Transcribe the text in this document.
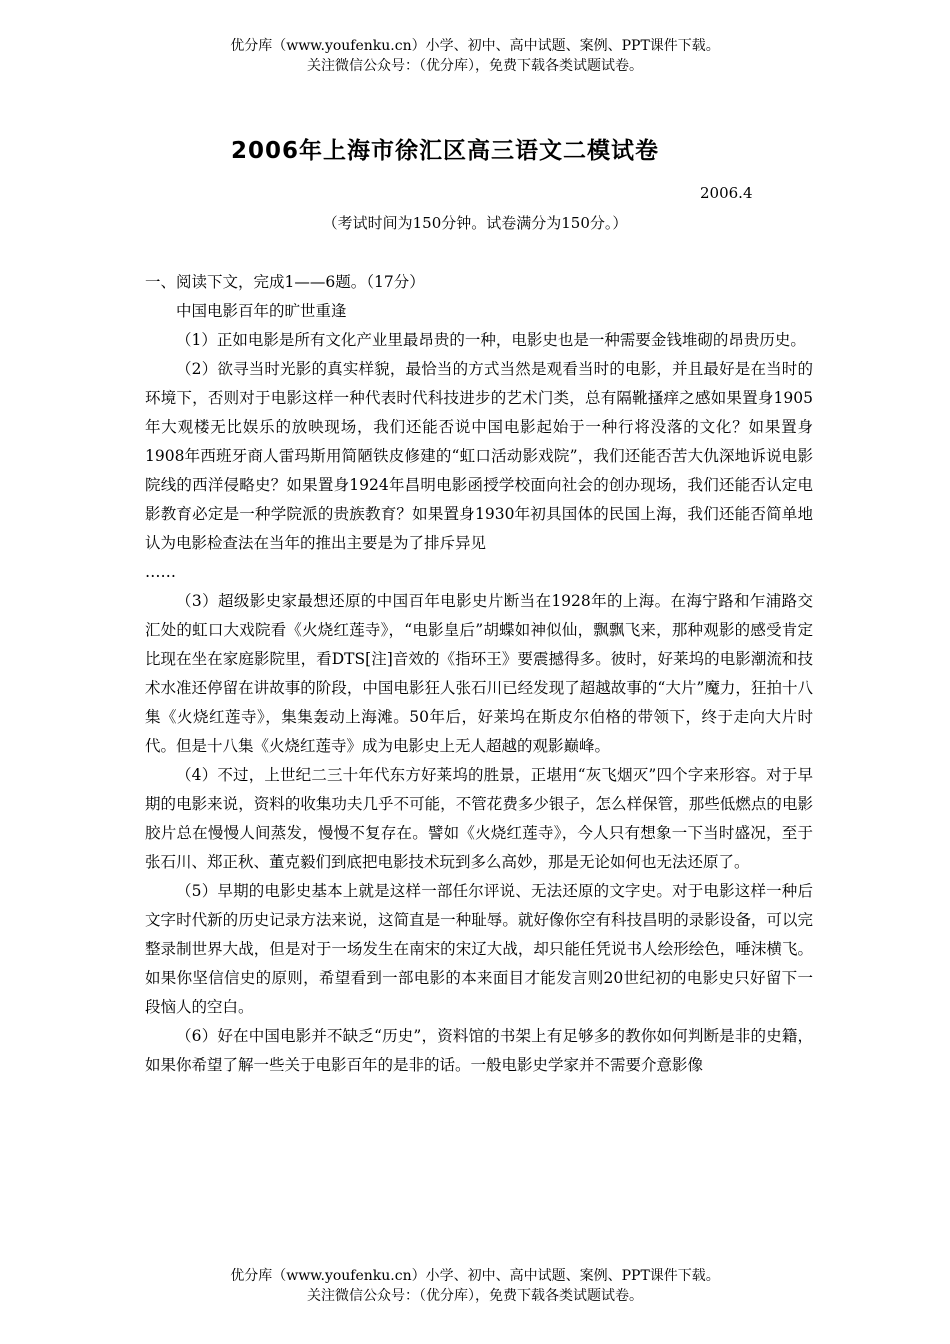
优分库（www.youfenku.cn）小学、初中、高中试题、案例、PPT课件下载。
关注微信公众号：（优分库），免费下载各类试题试卷。
2006年上海市徐汇区高三语文二模试卷
2006.4
（考试时间为150分钟。试卷满分为150分。）

一、阅读下文，完成1——6题。（17分）

中国电影百年的旷世重逢

（1）正如电影是所有文化产业里最昂贵的一种，电影史也是一种需要金钱堆砌的昂贵历史。

（2）欲寻当时光影的真实样貌，最恰当的方式当然是观看当时的电影，并且最好是在当时的环境下，否则对于电影这样一种代表时代科技进步的艺术门类，总有隔靴搔痒之感如果置身1905年大观楼无比娱乐的放映现场，我们还能否说中国电影起始于一种行将没落的文化？如果置身1908年西班牙商人雷玛斯用简陋铁皮修建的“虹口活动影戏院”，我们还能否苦大仇深地诉说电影院线的西洋侵略史？如果置身1924年昌明电影函授学校面向社会的创办现场，我们还能否认定电影教育必定是一种学院派的贵族教育？如果置身1930年初具国体的民国上海，我们还能否简单地认为电影检查法在当年的推出主要是为了排斥异见

……

（3）超级影史家最想还原的中国百年电影史片断当在1928年的上海。在海宁路和乍浦路交汇处的虹口大戏院看《火烧红莲寺》，“电影皇后”胡蝶如神似仙，飘飘飞来，那种观影的感受肯定比现在坐在家庭影院里，看DTS[注]音效的《指环王》要震撼得多。彼时，好莱坞的电影潮流和技术水准还停留在讲故事的阶段，中国电影狂人张石川已经发现了超越故事的“大片”魔力，狂拍十八集《火烧红莲寺》，集集轰动上海滩。50年后，好莱坞在斯皮尔伯格的带领下，终于走向大片时代。但是十八集《火烧红莲寺》成为电影史上无人超越的观影巅峰。

（4）不过，上世纪二三十年代东方好莱坞的胜景，正堪用“灰飞烟灭”四个字来形容。对于早期的电影来说，资料的收集功夫几乎不可能，不管花费多少银子，怎么样保管，那些低燃点的电影胶片总在慢慢人间蒸发，慢慢不复存在。譬如《火烧红莲寺》，今人只有想象一下当时盛况，至于张石川、郑正秋、董克毅们到底把电影技术玩到多么高妙，那是无论如何也无法还原了。

（5）早期的电影史基本上就是这样一部任尔评说、无法还原的文字史。对于电影这样一种后文字时代新的历史记录方法来说，这简直是一种耻辱。就好像你空有科技昌明的录影设备，可以完整录制世界大战，但是对于一场发生在南宋的宋辽大战，却只能任凭说书人绘形绘色，唾沫横飞。如果你坚信信史的原则，希望看到一部电影的本来面目才能发言则20世纪初的电影史只好留下一段恼人的空白。

（6）好在中国电影并不缺乏“历史”，资料馆的书架上有足够多的教你如何判断是非的史籍，如果你希望了解一些关于电影百年的是非的话。一般电影史学家并不需要介意影像

优分库（www.youfenku.cn）小学、初中、高中试题、案例、PPT课件下载。
关注微信公众号：（优分库），免费下载各类试题试卷。
